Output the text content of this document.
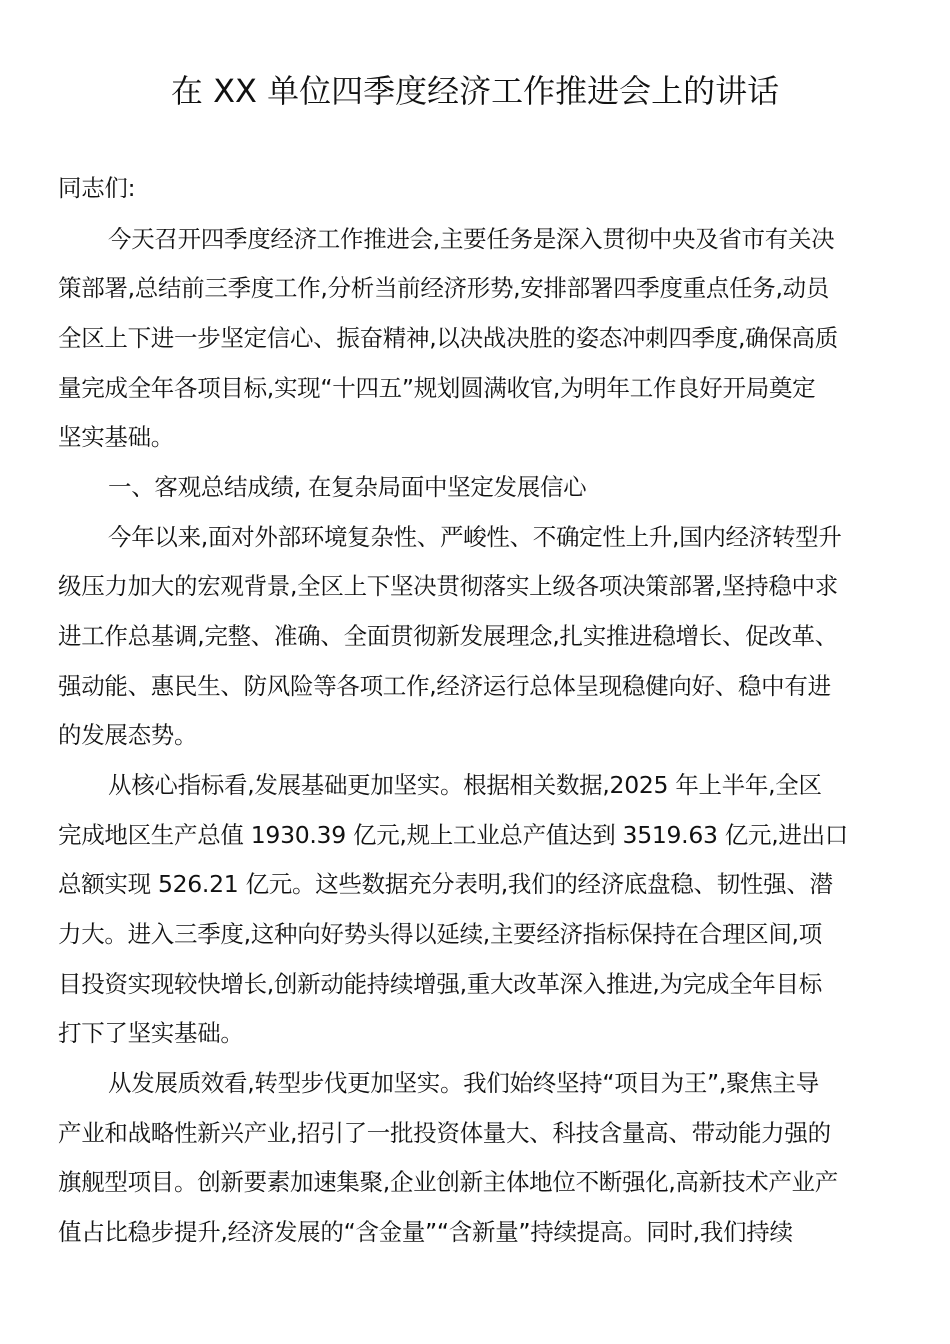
在 XX 单位四季度经济工作推进会上的讲话
同志们:
今天召开四季度经济工作推进会,主要任务是深入贯彻中央及省市有关决
策部署,总结前三季度工作,分析当前经济形势,安排部署四季度重点任务,动员
全区上下进一步坚定信心、振奋精神,以决战决胜的姿态冲刺四季度,确保高质
量完成全年各项目标,实现“十四五”规划圆满收官,为明年工作良好开局奠定
坚实基础。
一、客观总结成绩, 在复杂局面中坚定发展信心
今年以来,面对外部环境复杂性、严峻性、不确定性上升,国内经济转型升
级压力加大的宏观背景,全区上下坚决贯彻落实上级各项决策部署,坚持稳中求
进工作总基调,完整、准确、全面贯彻新发展理念,扎实推进稳增长、促改革、
强动能、惠民生、防风险等各项工作,经济运行总体呈现稳健向好、稳中有进
的发展态势。
从核心指标看,发展基础更加坚实。根据相关数据,2025 年上半年,全区
完成地区生产总值 1930.39 亿元,规上工业总产值达到 3519.63 亿元,进出口
总额实现 526.21 亿元。这些数据充分表明,我们的经济底盘稳、韧性强、潜
力大。进入三季度,这种向好势头得以延续,主要经济指标保持在合理区间,项
目投资实现较快增长,创新动能持续增强,重大改革深入推进,为完成全年目标
打下了坚实基础。
从发展质效看,转型步伐更加坚实。我们始终坚持“项目为王”,聚焦主导
产业和战略性新兴产业,招引了一批投资体量大、科技含量高、带动能力强的
旗舰型项目。创新要素加速集聚,企业创新主体地位不断强化,高新技术产业产
值占比稳步提升,经济发展的“含金量”“含新量”持续提高。同时,我们持续
